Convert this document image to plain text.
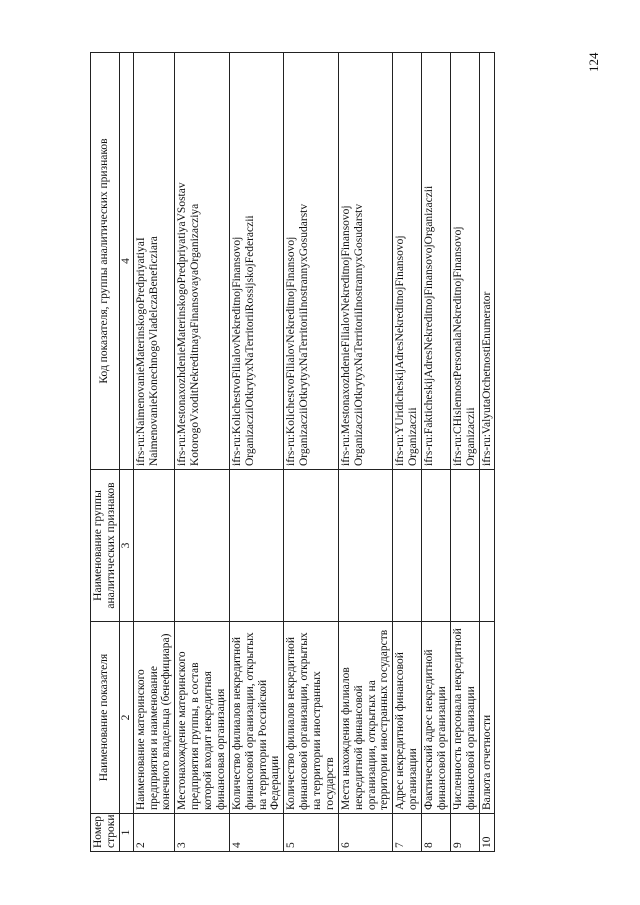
124
Номер строки	Наименование показателя	Наименование группы аналитических признаков	Код показателя, группы аналитических признаков
1	2	3	4
2	Наименование материнского предприятия и наименование конечного владельца (бенефициара)		ifrs-ru:NaimenovanieMaterinskogoPredpriyatiyaI NaimenovanieKonechnogoVladelczaBeneficziara

3	Местонахождение материнского предприятия группы, в состав которой входит некредитная финансовая организация		ifrs-ru:MestonaxozhdenieMaterinskogoPredpriyatiyaVSostav KotorogoVxoditNekreditnayaFinansovayaOrganizacziya

4	Количество филиалов некредитной финансовой организации, открытых на территории Российской Федерации		ifrs-ru:KolichestvoFilialovNekreditnojFinansovoj OrganizacziiOtkrytyxNaTerritoriiRossijskojFederaczii

5	Количество филиалов некредитной финансовой организации, открытых на территории иностранных государств		ifrs-ru:KolichestvoFilialovNekreditnojFinansovoj OrganizacziiOtkrytyxNaTerritoriiInostrannyxGosudarstv

6	Места нахождения филиалов некредитной финансовой организации, открытых на территории иностранных государств		ifrs-ru:MestonaxozhdenieFilialovNekreditnojFinansovoj OrganizacziiOtkrytyxNaTerritoriiInostrannyxGosudarstv

7	Адрес некредитной финансовой организации		ifrs-ru:YUridicheskijAdresNekreditnojFinansovoj Organizaczii

8	Фактический адрес некредитной финансовой организации		ifrs-ru:FakticheskijAdresNekreditnojFinansovojOrganizaczii

9	Численность персонала некредитной финансовой организации		ifrs-ru:CHislennostPersonalaNekreditnojFinansovoj Organizaczii

10	Валюта отчетности		ifrs-ru:ValyutaOtchetnostiEnumerator
